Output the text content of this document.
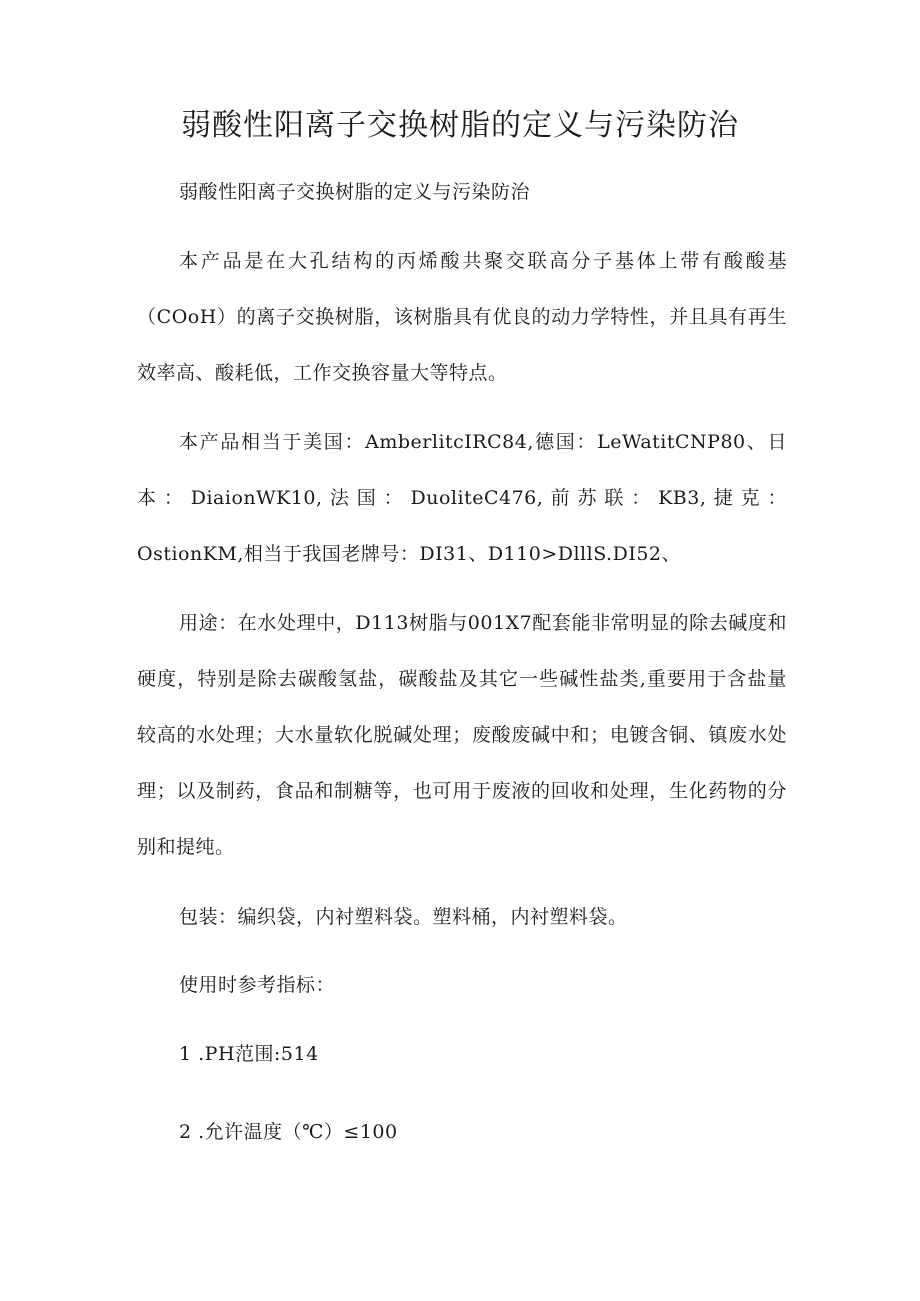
弱酸性阳离子交换树脂的定义与污染防治
弱酸性阳离子交换树脂的定义与污染防治
本产品是在大孔结构的丙烯酸共聚交联高分子基体上带有酸酸基（COoH）的离子交换树脂，该树脂具有优良的动力学特性，并且具有再生效率高、酸耗低，工作交换容量大等特点。
本产品相当于美国：AmberlitcIRC84,德国：LeWatitCNP80、日本：DiaionWK10,法国：DuoliteC476,前苏联：KB3,捷克：OstionKM,相当于我国老牌号：DI31、D110>DlllS.DI52、
用途：在水处理中，D113树脂与001X7配套能非常明显的除去碱度和硬度，特别是除去碳酸氢盐，碳酸盐及其它一些碱性盐类,重要用于含盐量较高的水处理；大水量软化脱碱处理；废酸废碱中和；电镀含铜、镇废水处理；以及制药，食品和制糖等，也可用于废液的回收和处理，生化药物的分别和提纯。
包装：编织袋，内衬塑料袋。塑料桶，内衬塑料袋。
使用时参考指标：
1 .PH范围:514
2 .允许温度（℃）≤100
